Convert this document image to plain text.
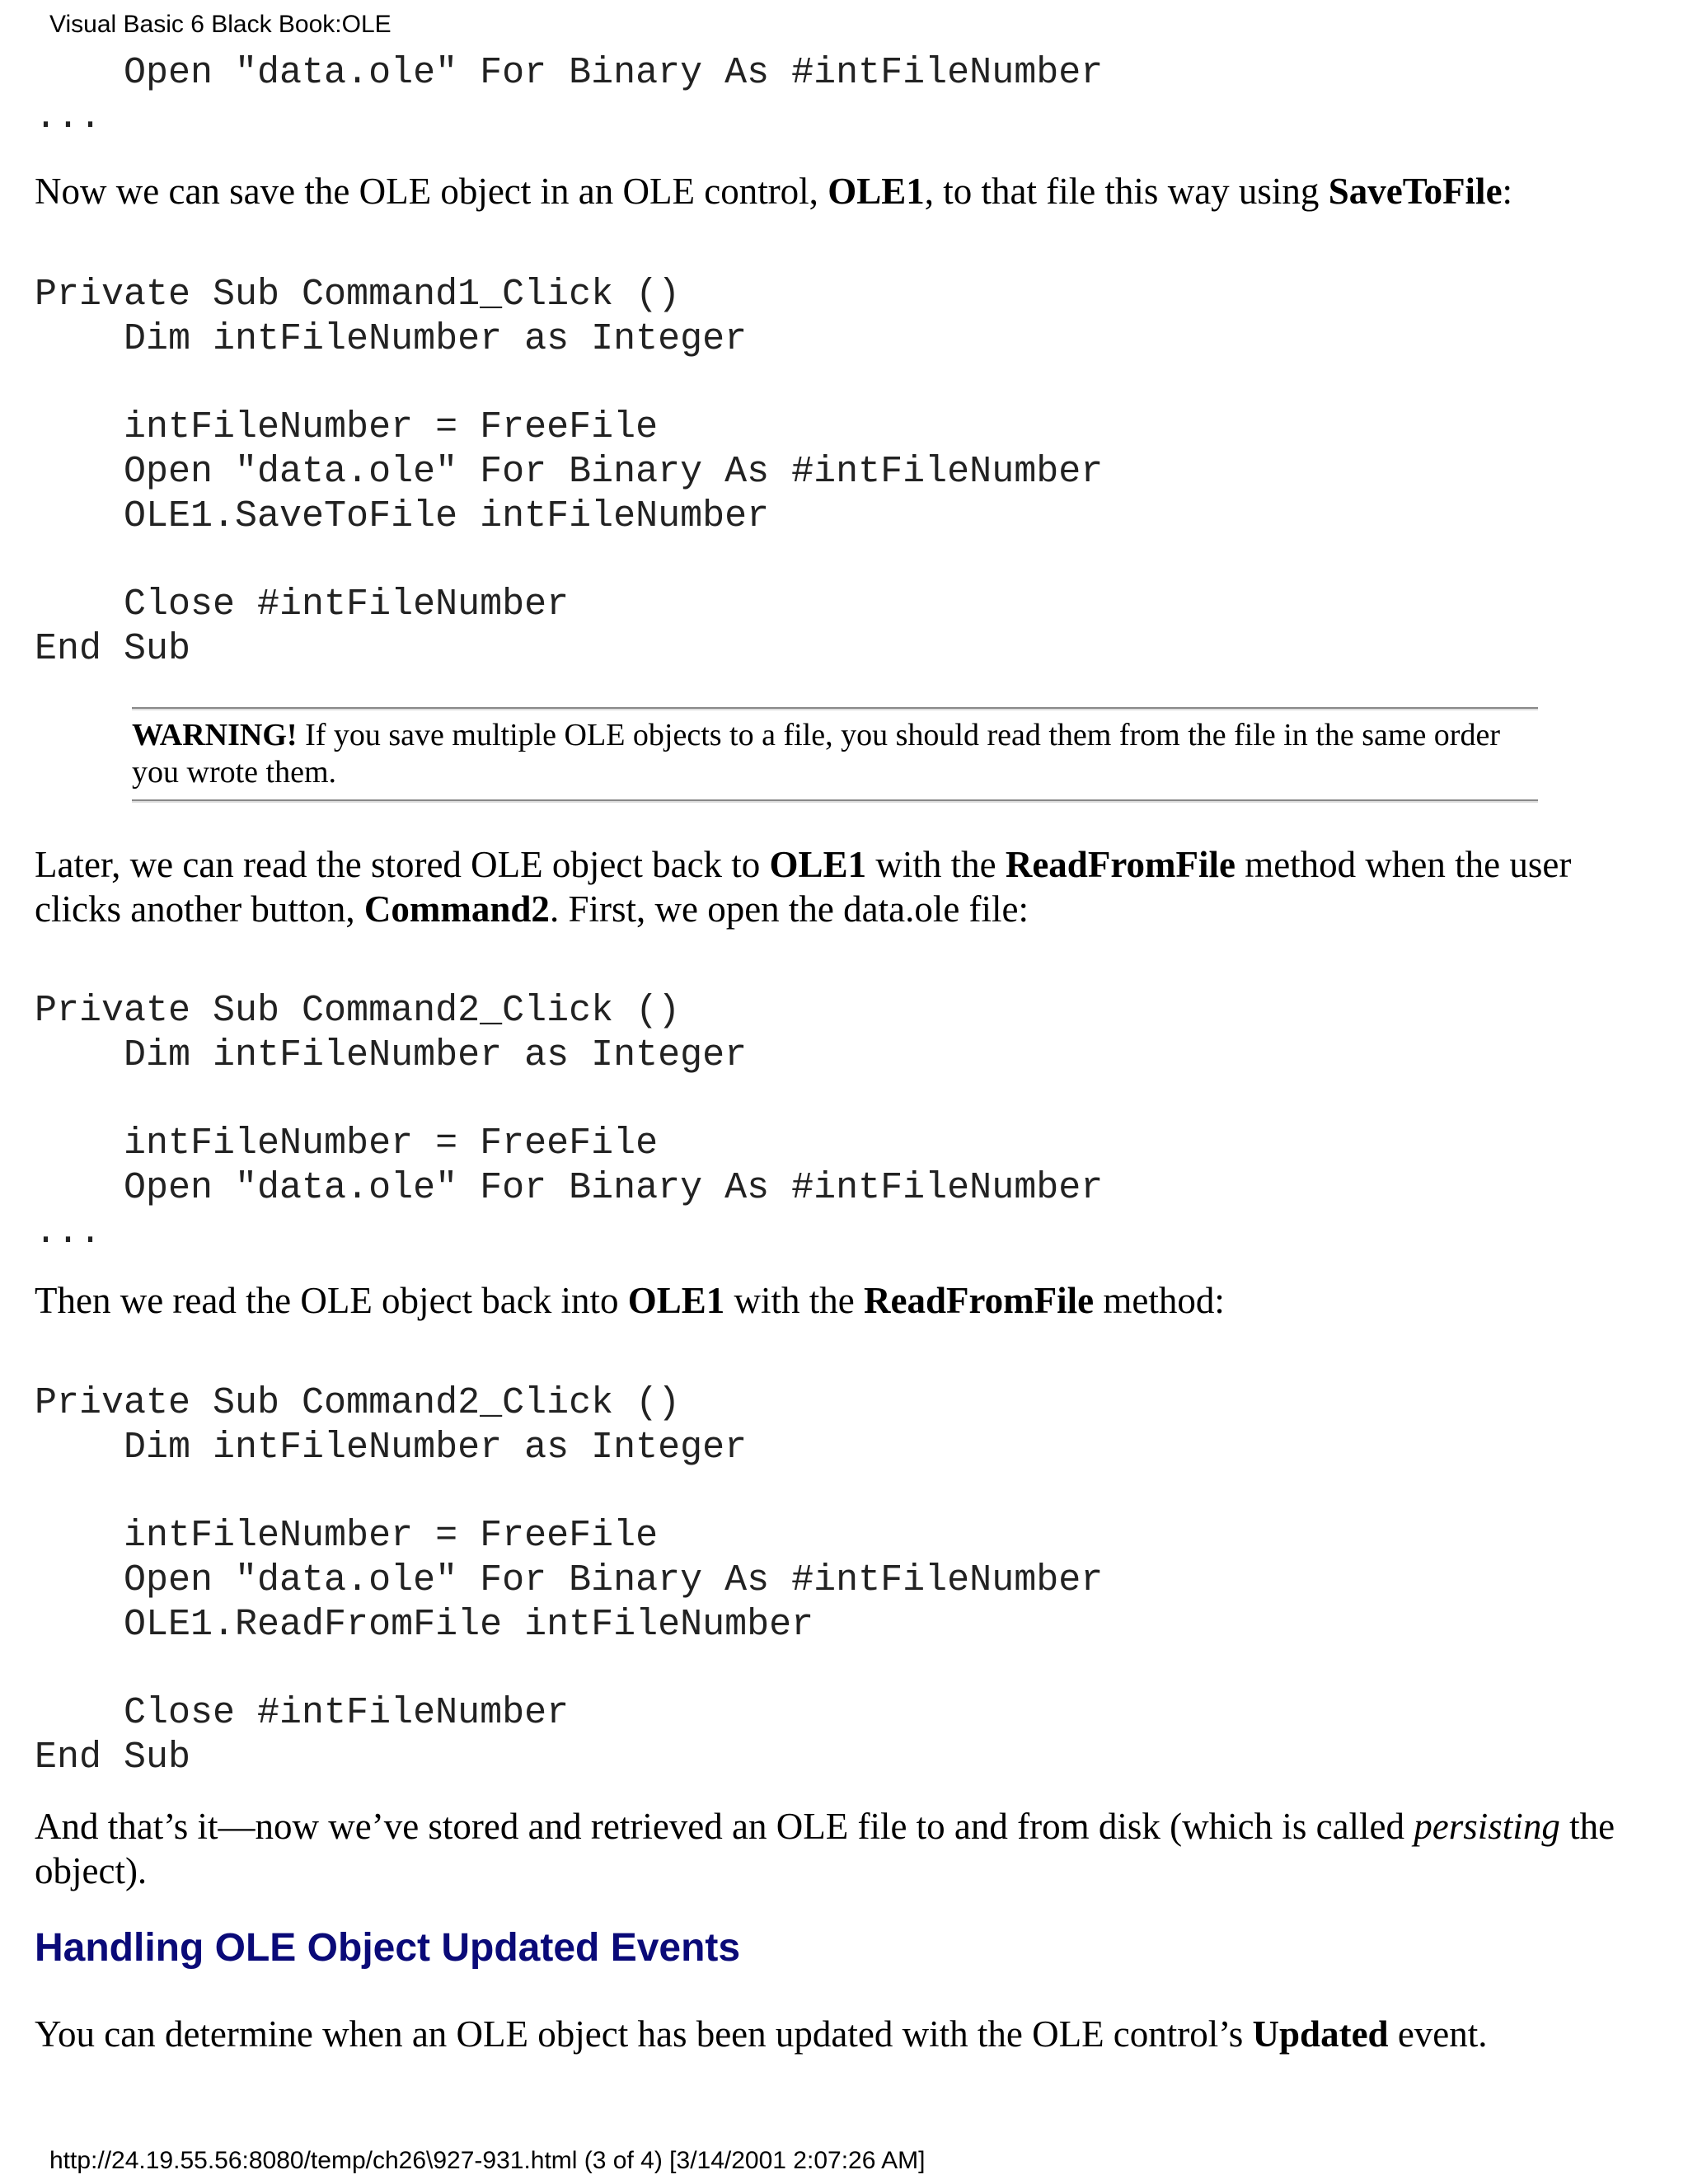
Visual Basic 6 Black Book:OLE
Open "data.ole" For Binary As #intFileNumber
...

Now we can save the OLE object in an OLE control, OLE1, to that file this way using SaveToFile:

Private Sub Command1_Click ()
Dim intFileNumber as Integer

intFileNumber = FreeFile
Open "data.ole" For Binary As #intFileNumber
OLE1.SaveToFile intFileNumber

Close #intFileNumber
End Sub

WARNING! If you save multiple OLE objects to a file, you should read them from the file in the same order you wrote them.

Later, we can read the stored OLE object back to OLE1 with the ReadFromFile method when the user clicks another button, Command2. First, we open the data.ole file:

Private Sub Command2_Click ()
Dim intFileNumber as Integer

intFileNumber = FreeFile
Open "data.ole" For Binary As #intFileNumber
...

Then we read the OLE object back into OLE1 with the ReadFromFile method:

Private Sub Command2_Click ()
Dim intFileNumber as Integer

intFileNumber = FreeFile
Open "data.ole" For Binary As #intFileNumber
OLE1.ReadFromFile intFileNumber

Close #intFileNumber
End Sub

And that’s it—now we’ve stored and retrieved an OLE file to and from disk (which is called persisting the object).

Handling OLE Object Updated Events

You can determine when an OLE object has been updated with the OLE control’s Updated event.

http://24.19.55.56:8080/temp/ch26\927-931.html (3 of 4) [3/14/2001 2:07:26 AM]
